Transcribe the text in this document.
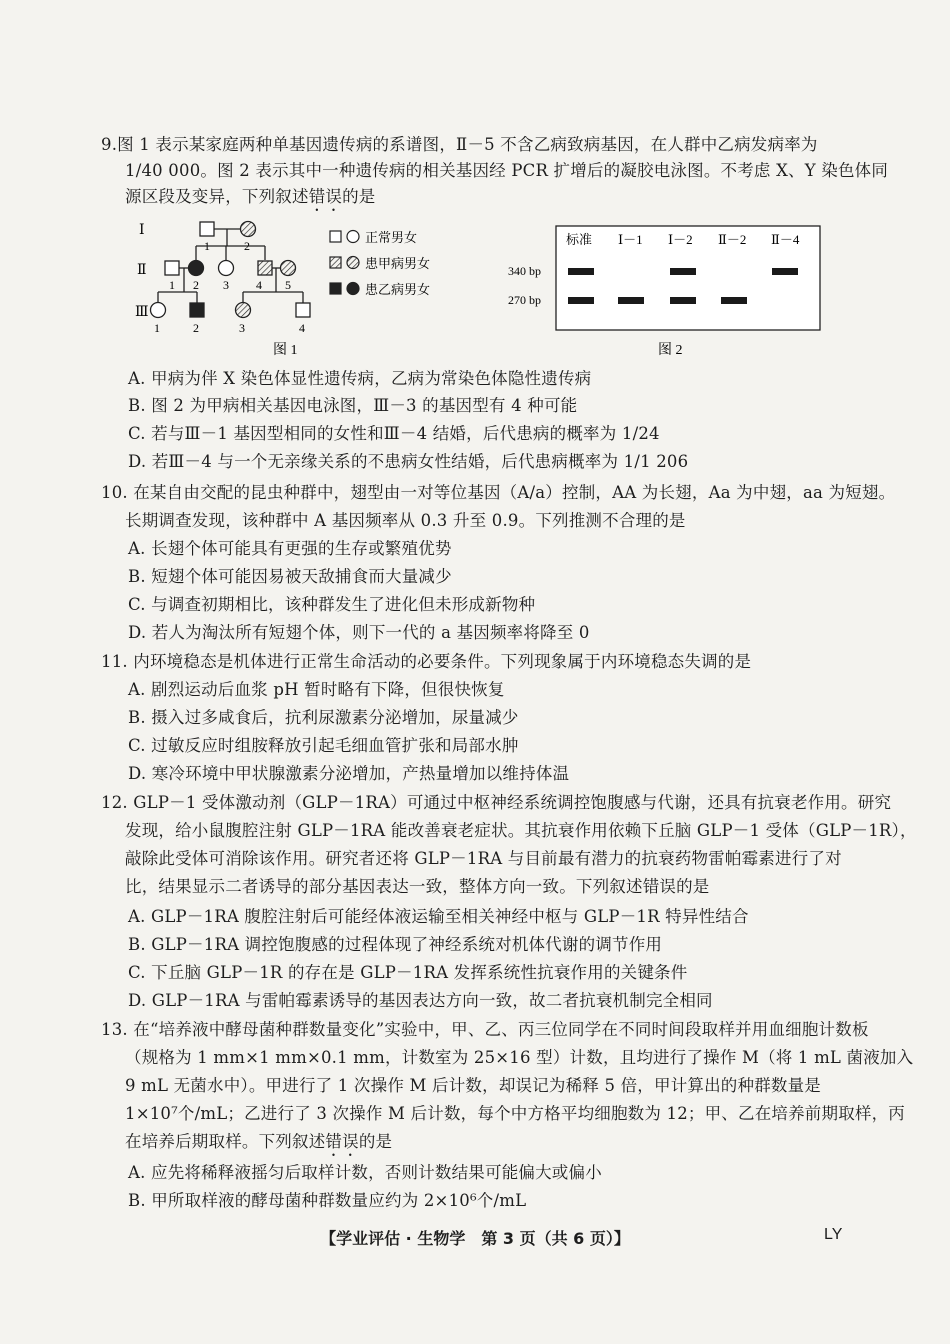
9.图 1 表示某家庭两种单基因遗传病的系谱图，Ⅱ－5 不含乙病致病基因，在人群中乙病发病率为
1/40 000。图 2 表示其中一种遗传病的相关基因经 PCR 扩增后的凝胶电泳图。不考虑 X、Y 染色体同
源区段及变异，下列叙述错误的是
Ⅰ
Ⅱ
Ⅲ
1	2
1 2 3 4 5
1	2	3	4
正常男女
患甲病男女
患乙病男女
图 1
标准 Ⅰ－1 Ⅰ－2 Ⅱ－2 Ⅱ－4
340 bp
270 bp
图 2
A. 甲病为伴 X 染色体显性遗传病，乙病为常染色体隐性遗传病
B. 图 2 为甲病相关基因电泳图，Ⅲ－3 的基因型有 4 种可能
C. 若与Ⅲ－1 基因型相同的女性和Ⅲ－4 结婚，后代患病的概率为 1/24
D. 若Ⅲ－4 与一个无亲缘关系的不患病女性结婚，后代患病概率为 1/1 206
10. 在某自由交配的昆虫种群中，翅型由一对等位基因（A/a）控制，AA 为长翅，Aa 为中翅，aa 为短翅。
长期调查发现，该种群中 A 基因频率从 0.3 升至 0.9。下列推测不合理的是
A. 长翅个体可能具有更强的生存或繁殖优势
B. 短翅个体可能因易被天敌捕食而大量减少
C. 与调查初期相比，该种群发生了进化但未形成新物种
D. 若人为淘汰所有短翅个体，则下一代的 a 基因频率将降至 0
11. 内环境稳态是机体进行正常生命活动的必要条件。下列现象属于内环境稳态失调的是
A. 剧烈运动后血浆 pH 暂时略有下降，但很快恢复
B. 摄入过多咸食后，抗利尿激素分泌增加，尿量减少
C. 过敏反应时组胺释放引起毛细血管扩张和局部水肿
D. 寒冷环境中甲状腺激素分泌增加，产热量增加以维持体温
12. GLP－1 受体激动剂（GLP－1RA）可通过中枢神经系统调控饱腹感与代谢，还具有抗衰老作用。研究
发现，给小鼠腹腔注射 GLP－1RA 能改善衰老症状。其抗衰作用依赖下丘脑 GLP－1 受体（GLP－1R），
敲除此受体可消除该作用。研究者还将 GLP－1RA 与目前最有潜力的抗衰药物雷帕霉素进行了对
比，结果显示二者诱导的部分基因表达一致，整体方向一致。下列叙述错误的是
A. GLP－1RA 腹腔注射后可能经体液运输至相关神经中枢与 GLP－1R 特异性结合
B. GLP－1RA 调控饱腹感的过程体现了神经系统对机体代谢的调节作用
C. 下丘脑 GLP－1R 的存在是 GLP－1RA 发挥系统性抗衰作用的关键条件
D. GLP－1RA 与雷帕霉素诱导的基因表达方向一致，故二者抗衰机制完全相同
13. 在“培养液中酵母菌种群数量变化”实验中，甲、乙、丙三位同学在不同时间段取样并用血细胞计数板
（规格为 1 mm×1 mm×0.1 mm，计数室为 25×16 型）计数，且均进行了操作 M（将 1 mL 菌液加入
9 mL 无菌水中）。甲进行了 1 次操作 M 后计数，却误记为稀释 5 倍，甲计算出的种群数量是
1×10⁷个/mL；乙进行了 3 次操作 M 后计数，每个中方格平均细胞数为 12；甲、乙在培养前期取样，丙
在培养后期取样。下列叙述错误的是
A. 应先将稀释液摇匀后取样计数，否则计数结果可能偏大或偏小
B. 甲所取样液的酵母菌种群数量应约为 2×10⁶个/mL
【学业评估 · 生物学　第 3 页（共 6 页）】	LY
